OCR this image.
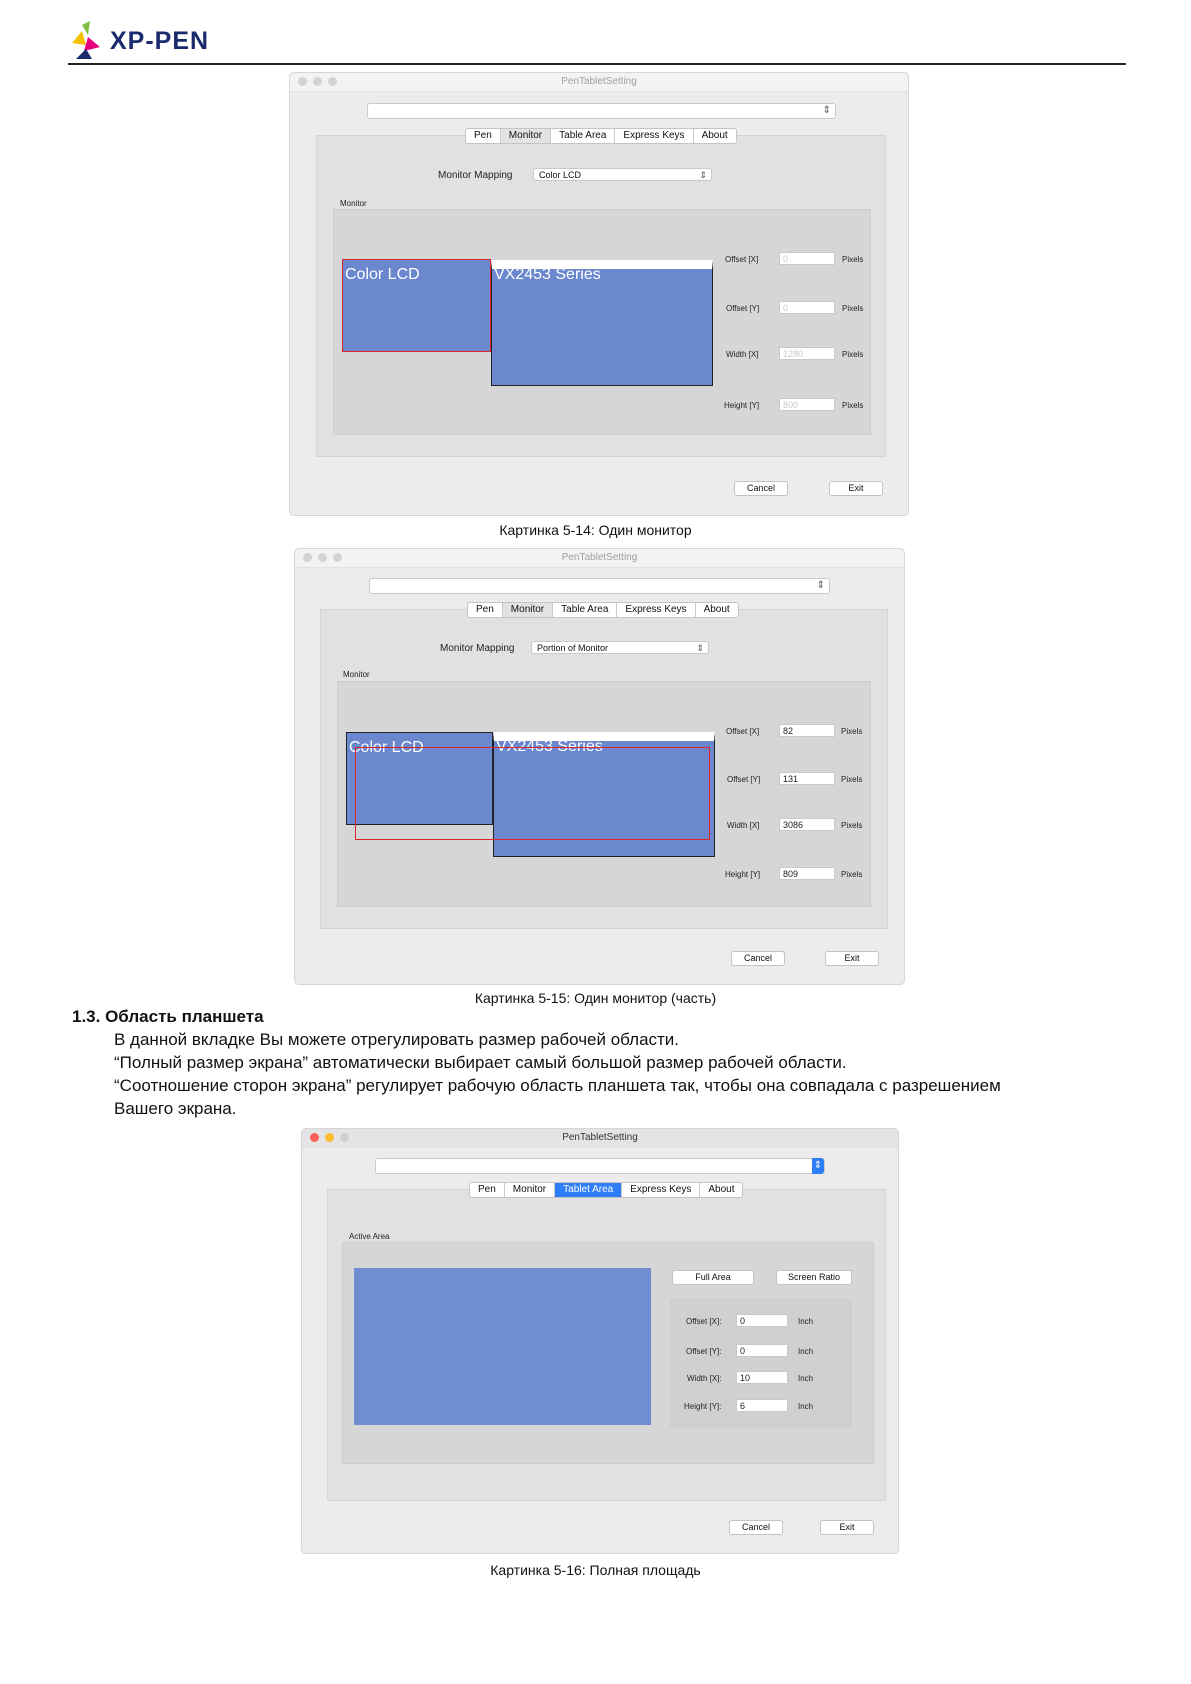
XP-PEN
PenTabletSetting
⇕
Pen	Monitor	Table Area	Express Keys	About
Monitor Mapping	Color LCD	⇕
Monitor
Color LCD	VX2453 Series
Offset [X]	0	Pixels
Offset [Y]	0	Pixels
Width [X]	1280	Pixels
Height [Y]	800	Pixels
Cancel	Exit
Картинка 5-14: Один монитор
PenTabletSetting
⇕
Pen	Monitor	Table Area	Express Keys	About
Monitor Mapping	Portion of Monitor	⇕
Monitor
Color LCD	VX2453 Series
Offset [X]	82	Pixels
Offset [Y]	131	Pixels
Width [X]	3086	Pixels
Height [Y]	809	Pixels
Cancel	Exit
Картинка 5-15: Один монитор (часть)
1.3. Область планшета
В данной вкладке Вы можете отрегулировать размер рабочей области.
“Полный размер экрана” автоматически выбирает самый большой размер рабочей области.
“Соотношение сторон экрана” регулирует рабочую область планшета так, чтобы она совпадала с разрешением
Вашего экрана.
PenTabletSetting
⇕
Pen	Monitor	Tablet Area	Express Keys	About
Active Area
Full Area	Screen Ratio
Offset [X]:	0	Inch
Offset [Y]:	0	Inch
Width [X]:	10	Inch
Height [Y]:	6	Inch
Cancel	Exit
Картинка 5-16: Полная площадь
